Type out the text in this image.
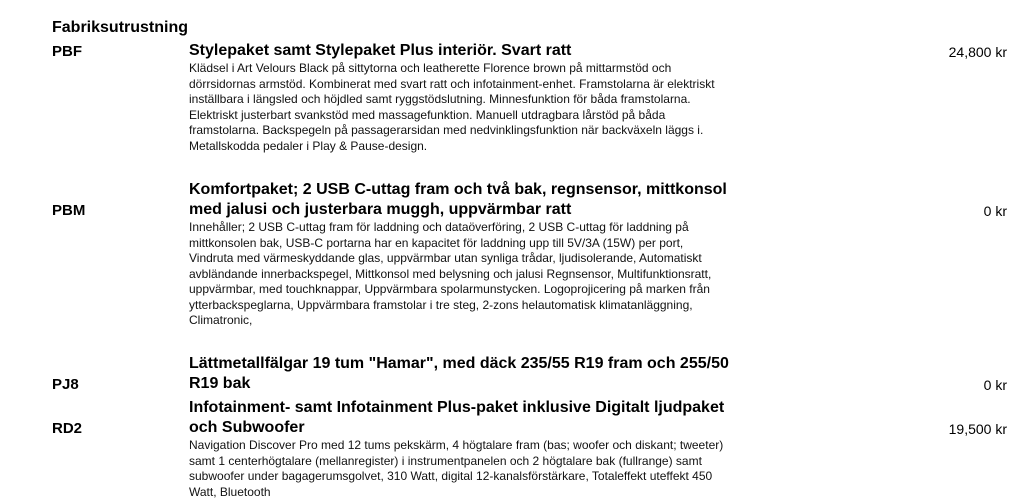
Fabriksutrustning
PBF	Stylepaket samt Stylepaket Plus interiör. Svart ratt

Klädsel i Art Velours Black på sittytorna och leatherette Florence brown på mittarmstöd och dörrsidornas armstöd. Kombinerat med svart ratt och infotainment-enhet. Framstolarna är elektriskt inställbara i längsled och höjdled samt ryggstödslutning. Minnesfunktion för båda framstolarna. Elektriskt justerbart svankstöd med massagefunktion. Manuell utdragbara lårstöd på båda framstolarna. Backspegeln på passagerarsidan med nedvinklingsfunktion när backväxeln läggs i. Metallskodda pedaler i Play & Pause-design.

24,800 kr
PBM

Komfortpaket; 2 USB C-uttag fram och två bak, regnsensor, mittkonsol med jalusi och justerbara muggh, uppvärmbar ratt

Innehåller; 2 USB C-uttag fram för laddning och dataöverföring, 2 USB C-uttag för laddning på mittkonsolen bak, USB-C portarna har en kapacitet för laddning upp till 5V/3A (15W) per port, Vindruta med värmeskyddande glas, uppvärmbar utan synliga trådar, ljudisolerande, Automatiskt avbländande innerbackspegel, Mittkonsol med belysning och jalusi Regnsensor, Multifunktionsratt, uppvärmbar, med touchknappar, Uppvärmbara spolarmunstycken. Logoprojicering på marken från ytterbackspeglarna, Uppvärmbara framstolar i tre steg, 2-zons helautomatisk klimatanläggning, Climatronic,

0 kr
PJ8

Lättmetallfälgar 19 tum "Hamar", med däck 235/55 R19 fram och 255/50 R19 bak	0 kr
RD2

Infotainment- samt Infotainment Plus-paket inklusive Digitalt ljudpaket och Subwoofer

Navigation Discover Pro med 12 tums pekskärm, 4 högtalare fram (bas; woofer och diskant; tweeter) samt 1 centerhögtalare (mellanregister) i instrumentpanelen och 2 högtalare bak (fullrange) samt subwoofer under bagagerumsgolvet, 310 Watt, digital 12-kanalsförstärkare, Totaleffekt uteffekt 450 Watt, Bluetooth

19,500 kr
